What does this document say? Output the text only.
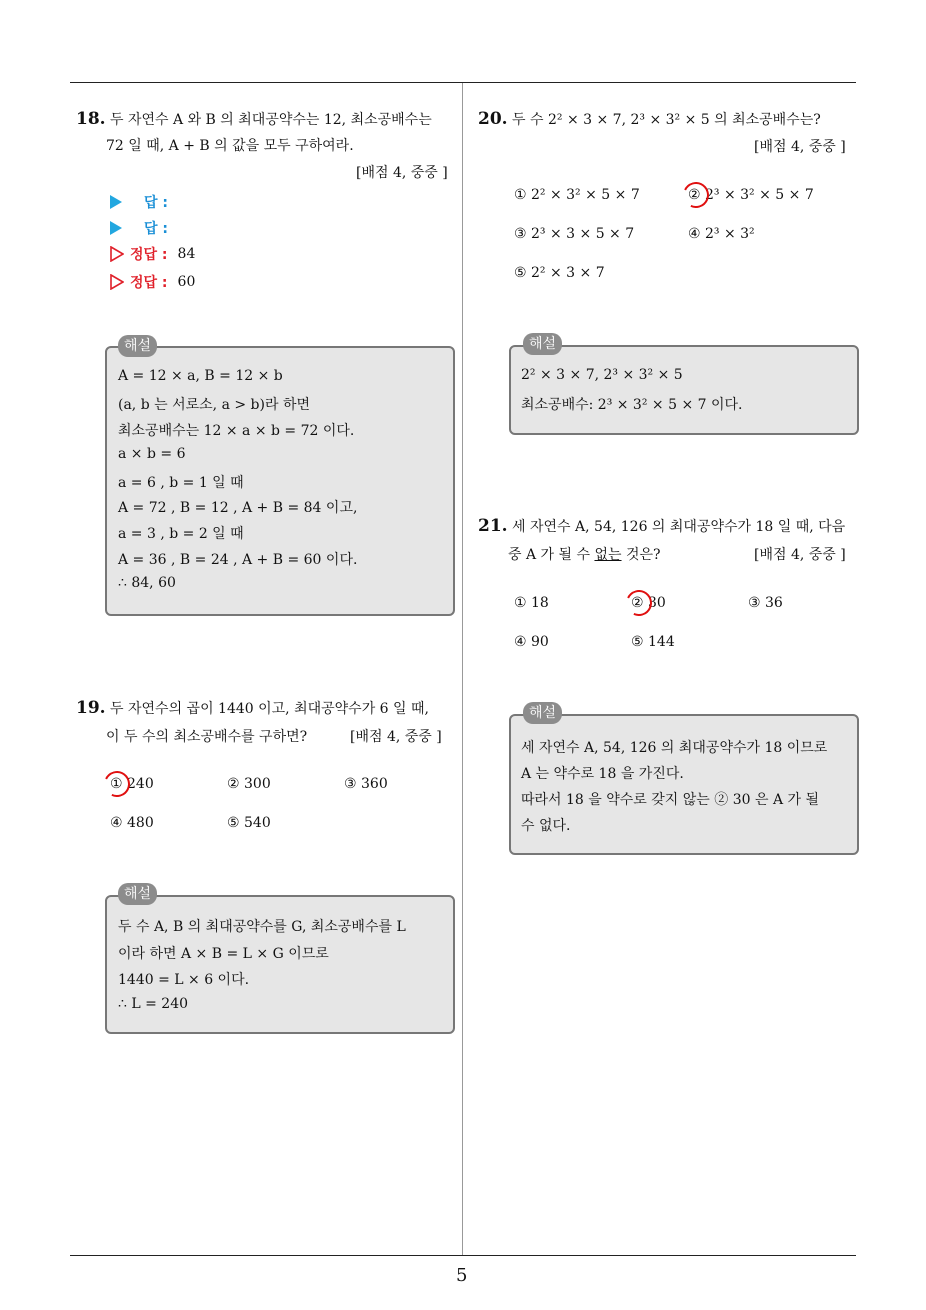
5
18. 두 자연수 A 와 B 의 최대공약수는 12, 최소공배수는
72 일 때, A + B 의 값을 모두 구하여라.
[배점 4, 중중 ]
답 :
답 :
정답 : 84
정답 : 60
해설
A = 12 × a, B = 12 × b
(a, b 는 서로소, a > b)라 하면
최소공배수는 12 × a × b = 72 이다.
a × b = 6
a = 6 , b = 1 일 때
A = 72 , B = 12 , A + B = 84 이고,
a = 3 , b = 2 일 때
A = 36 , B = 24 , A + B = 60 이다.
∴ 84, 60
19. 두 자연수의 곱이 1440 이고, 최대공약수가 6 일 때,
이 두 수의 최소공배수를 구하면?	[배점 4, 중중 ]
① 240	② 300	③ 360
④ 480	⑤ 540
해설
두 수 A, B 의 최대공약수를 G, 최소공배수를 L
이라 하면 A × B = L × G 이므로
1440 = L × 6 이다.
∴ L = 240
20. 두 수 2² × 3 × 7, 2³ × 3² × 5 의 최소공배수는?
[배점 4, 중중 ]
① 2² × 3² × 5 × 7	② 2³ × 3² × 5 × 7
③ 2³ × 3 × 5 × 7	④ 2³ × 3²
⑤ 2² × 3 × 7
해설
2² × 3 × 7, 2³ × 3² × 5
최소공배수: 2³ × 3² × 5 × 7 이다.
21. 세 자연수 A, 54, 126 의 최대공약수가 18 일 때, 다음
중 A 가 될 수 없는 것은?	[배점 4, 중중 ]
① 18	② 30	③ 36
④ 90	⑤ 144
해설
세 자연수 A, 54, 126 의 최대공약수가 18 이므로
A 는 약수로 18 을 가진다.
따라서 18 을 약수로 갖지 않는 ② 30 은 A 가 될
수 없다.
